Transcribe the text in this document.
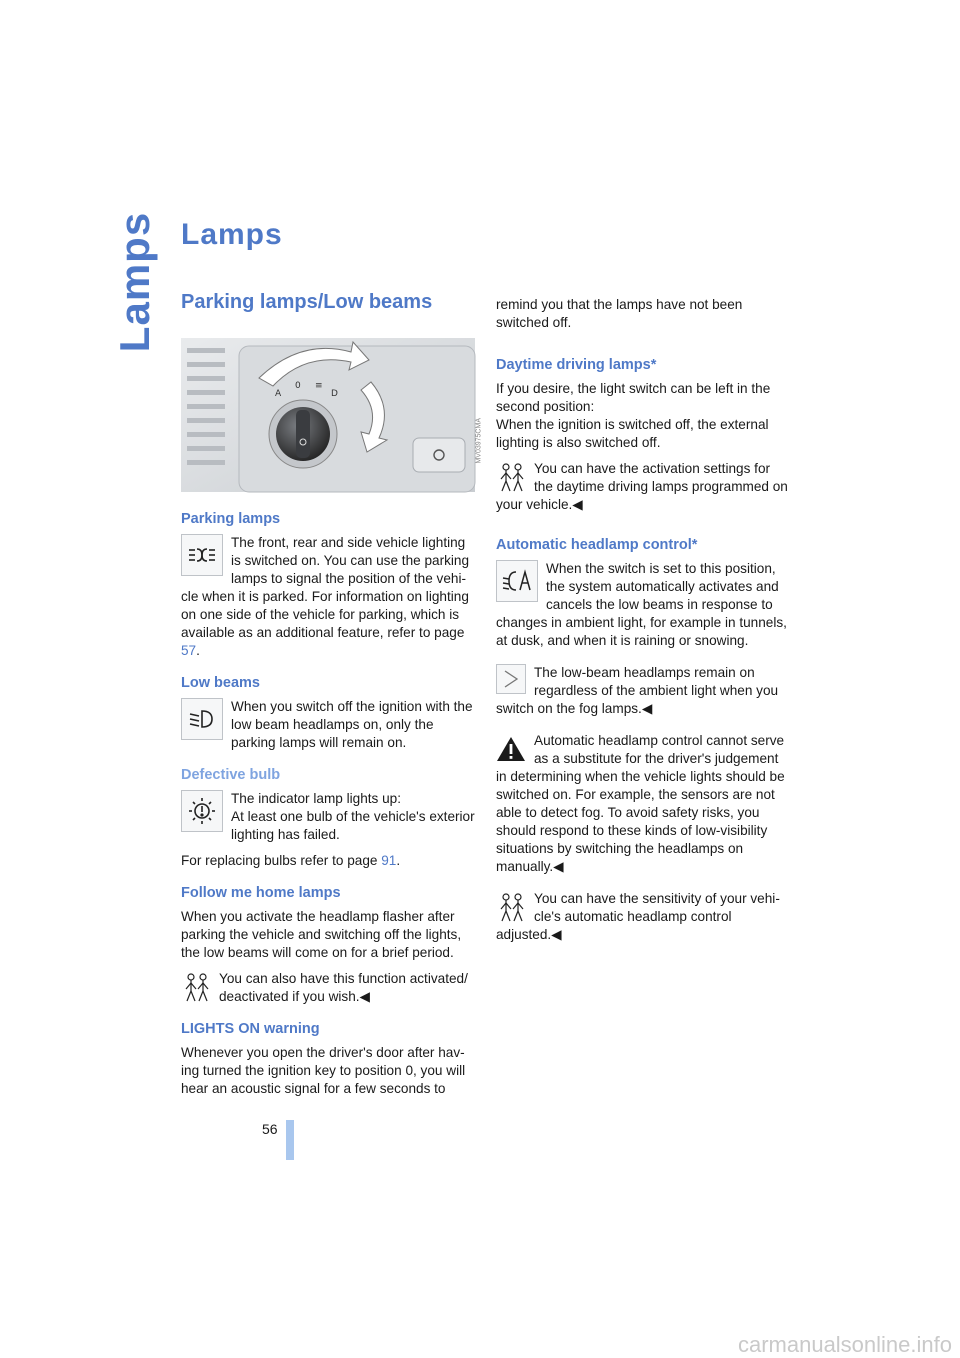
Lamps Lamps
Parking lamps/Low beams
A
0 ≡
D
MV03975CMA
Parking lamps

The front, rear and side vehicle lighting is switched on. You can use the parking lamps to signal the position of the vehicle when it is parked. For information on lighting on one side of the vehicle for parking, which is available as an additional feature, refer to page 57.

Low beams

When you switch off the ignition with the low beam headlamps on, only the parking lamps will remain on.

Defective bulb
The indicator lamp lights up:
At least one bulb of the vehicle's exterior lighting has failed.

For replacing bulbs refer to page 91.

Follow me home lamps

When you activate the headlamp flasher after parking the vehicle and switching off the lights, the low beams will come on for a brief period.

You can also have this function activated/ deactivated if you wish.◀

LIGHTS ON warning

Whenever you open the driver's door after having turned the ignition key to position 0, you will hear an acoustic signal for a few seconds to

remind you that the lamps have not been switched off.

Daytime driving lamps*

If you desire, the light switch can be left in the second position:

When the ignition is switched off, the external lighting is also switched off.

You can have the activation settings for the daytime driving lamps programmed on your vehicle.◀

Automatic headlamp control*

When the switch is set to this position, the system automatically activates and cancels the low beams in response to changes in ambient light, for example in tunnels, at dusk, and when it is raining or snowing.

The low-beam headlamps remain on regardless of the ambient light when you switch on the fog lamps.◀

Automatic headlamp control cannot serve as a substitute for the driver's judgement in determining when the vehicle lights should be switched on. For example, the sensors are not able to detect fog. To avoid safety risks, you should respond to these kinds of low-visibility situations by switching the headlamps on manually.◀

You can have the sensitivity of your vehicle's automatic headlamp control adjusted.◀

56
carmanualsonline.info
